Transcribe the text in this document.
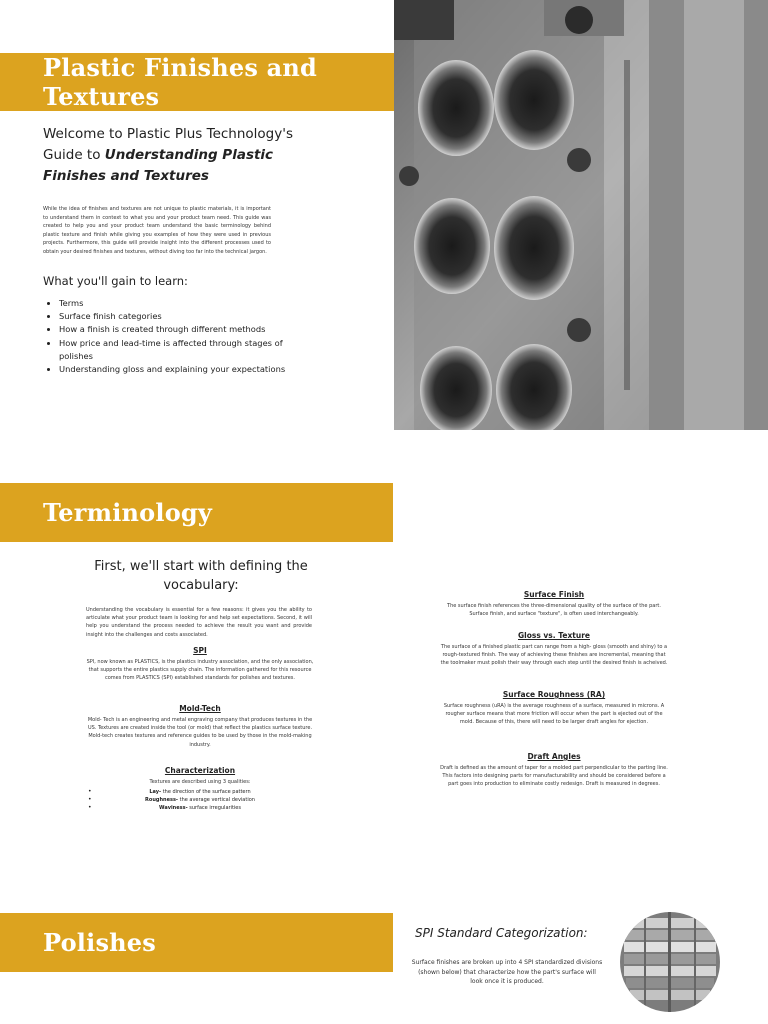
Plastic Finishes and Textures
Welcome to Plastic Plus Technology's Guide to Understanding Plastic Finishes and Textures

While the idea of finishes and textures are not unique to plastic materials, it is important to understand them in context to what you and your product team need. This guide was created to help you and your product team understand the basic terminology behind plastic texture and finish while giving you examples of how they were used in previous projects. Furthermore, this guide will provide insight into the different processes used to obtain your desired finishes and textures, without diving too far into the technical jargon.

What you'll gain to learn:
• Terms
• Surface finish categories
• How a finish is created through different methods
• How price and lead-time is affected through stages of polishes
• Understanding gloss and explaining your expectations
Terminology
First, we'll start with defining the vocabulary:

Understanding the vocabulary is essential for a few reasons: it gives you the ability to articulate what your product team is looking for and help set expectations. Second, it will help you understand the process needed to achieve the result you want and provide insight into the challenges and costs associated.

SPI
SPI, now known as PLASTICS, is the plastics industry association, and the only association, that supports the entire plastics supply chain. The information gathered for this resource comes from PLASTICS (SPI) established standards for polishes and textures.
Mold-Tech
Mold- Tech is an engineering and metal engraving company that produces textures in the US. Textures are created inside the tool (or mold) that reflect the plastics surface texture. Mold-tech creates textures and reference guides to be used by those in the mold-making industry.
Characterization
Textures are described using 3 qualities:
• Lay- the direction of the surface pattern
• Roughness- the average vertical deviation
• Waviness- surface irregularities
Surface Finish
The surface finish references the three-dimensional quality of the surface of the part. Surface finish, and surface "texture", is often used interchangeably.
Gloss vs. Texture
The surface of a finished plastic part can range from a high- gloss (smooth and shiny) to a rough-textured finish. The way of achieving these finishes are incremental, meaning that the toolmaker must polish their way through each step until the desired finish is acheived.
Surface Roughness (RA)
Surface roughness (uRA) is the average roughness of a surface, measured in microns. A rougher surface means that more friction will occur when the part is ejected out of the mold. Because of this, there will need to be larger draft angles for ejection.
Draft Angles
Draft is defined as the amount of taper for a molded part perpendicular to the parting line. This factors into designing parts for manufacturability and should be considered before a part goes into production to eliminate costly redesign. Draft is measured in degrees.
Polishes	SPI Standard Categorization:

Surface finishes are broken up into 4 SPI standardized divisions (shown below) that characterize how the part's surface will look once it is produced.
